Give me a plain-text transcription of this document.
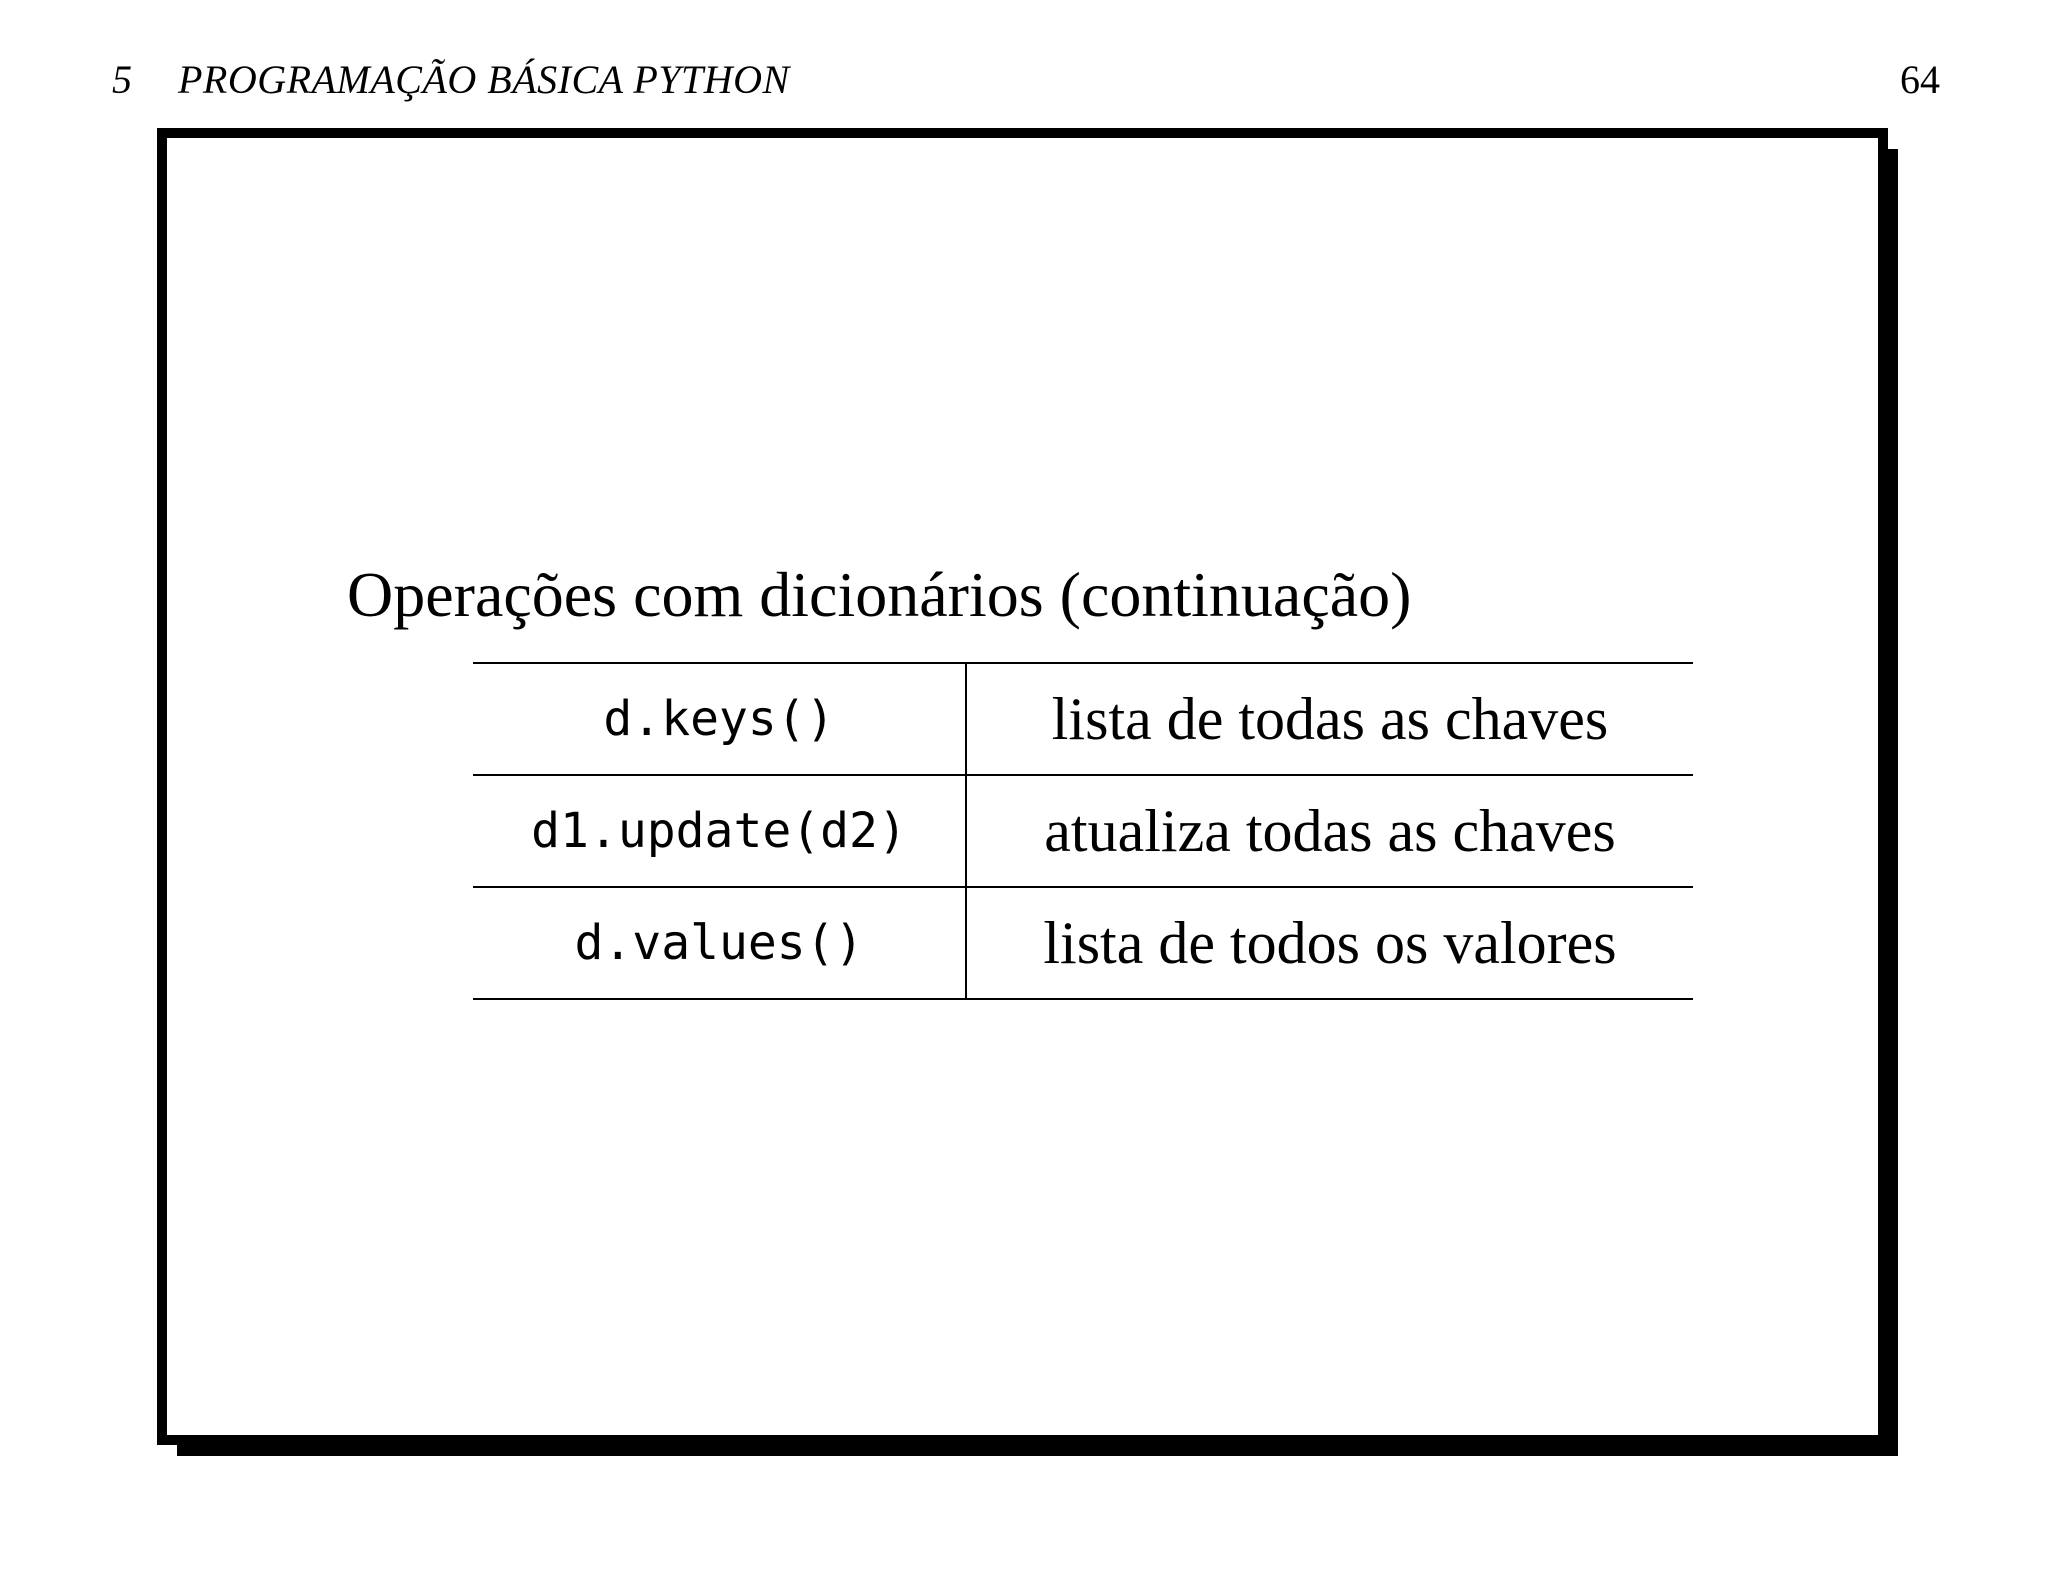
5 PROGRAMAÇÃO BÁSICA PYTHON	64
Operações com dicionários (continuação)
d.keys()	lista de todas as chaves
d1.update(d2)	atualiza todas as chaves
d.values()	lista de todos os valores
